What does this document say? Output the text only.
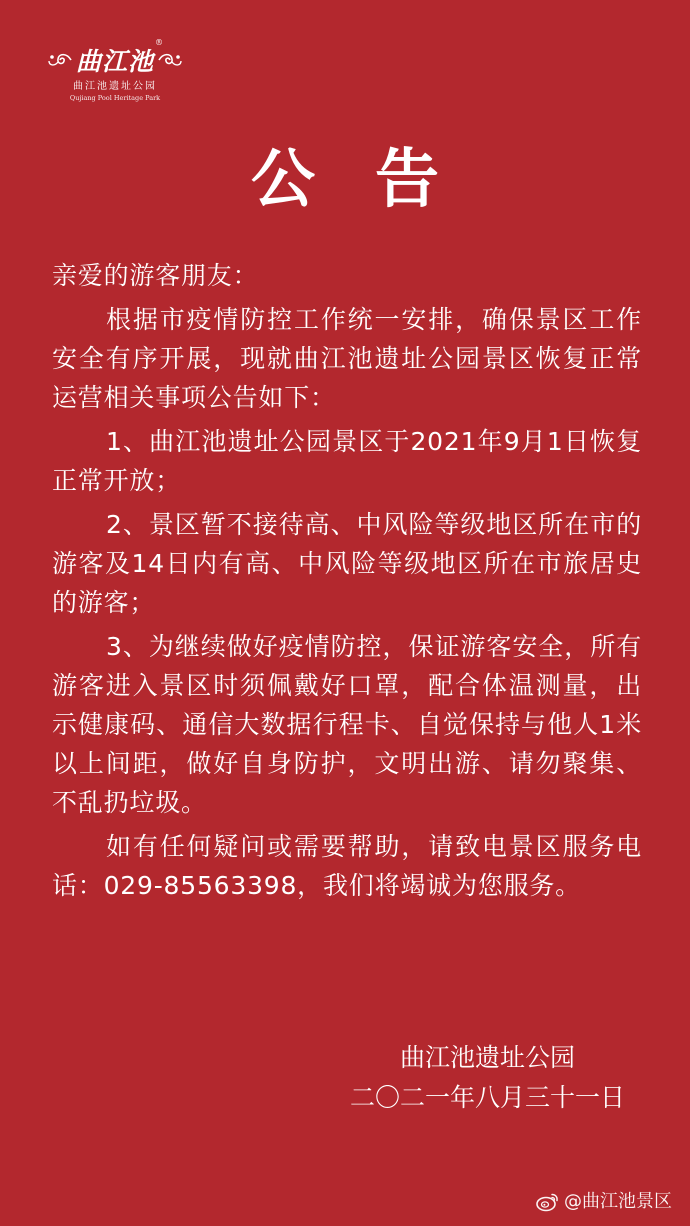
曲江池
®
曲江池遗址公园
Qujiang Pool Heritage Park
公 告

亲爱的游客朋友：

根据市疫情防控工作统一安排，确保景区工作安全有序开展，现就曲江池遗址公园景区恢复正常运营相关事项公告如下：

1、曲江池遗址公园景区于2021年9月1日恢复正常开放；

2、景区暂不接待高、中风险等级地区所在市的游客及14日内有高、中风险等级地区所在市旅居史的游客；

3、为继续做好疫情防控，保证游客安全，所有游客进入景区时须佩戴好口罩，配合体温测量，出示健康码、通信大数据行程卡、自觉保持与他人1米以上间距，做好自身防护，文明出游、请勿聚集、不乱扔垃圾。

如有任何疑问或需要帮助，请致电景区服务电话：029-85563398，我们将竭诚为您服务。

曲江池遗址公园
二〇二一年八月三十一日
@曲江池景区
